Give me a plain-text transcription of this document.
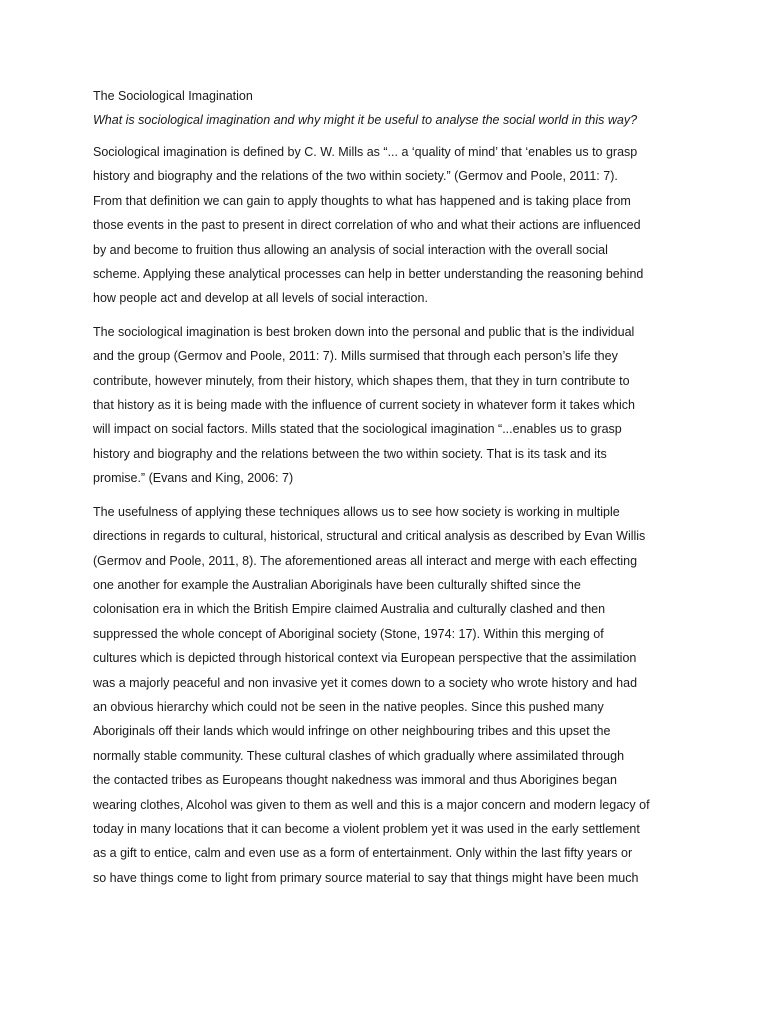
The Sociological Imagination
What is sociological imagination and why might it be useful to analyse the social world in this way?
Sociological imagination is defined by C. W. Mills as “... a ‘quality of mind’ that ‘enables us to grasp
history and biography and the relations of the two within society.” (Germov and Poole, 2011: 7).
From that definition we can gain to apply thoughts to what has happened and is taking place from
those events in the past to present in direct correlation of who and what their actions are influenced
by and become to fruition thus allowing an analysis of social interaction with the overall social
scheme. Applying these analytical processes can help in better understanding the reasoning behind
how people act and develop at all levels of social interaction.
The sociological imagination is best broken down into the personal and public that is the individual
and the group (Germov and Poole, 2011: 7). Mills surmised that through each person’s life they
contribute, however minutely, from their history, which shapes them, that they in turn contribute to
that history as it is being made with the influence of current society in whatever form it takes which
will impact on social factors. Mills stated that the sociological imagination “...enables us to grasp
history and biography and the relations between the two within society. That is its task and its
promise.” (Evans and King, 2006: 7)
The usefulness of applying these techniques allows us to see how society is working in multiple
directions in regards to cultural, historical, structural and critical analysis as described by Evan Willis
(Germov and Poole, 2011, 8). The aforementioned areas all interact and merge with each effecting
one another for example the Australian Aboriginals have been culturally shifted since the
colonisation era in which the British Empire claimed Australia and culturally clashed and then
suppressed the whole concept of Aboriginal society (Stone, 1974: 17). Within this merging of
cultures which is depicted through historical context via European perspective that the assimilation
was a majorly peaceful and non invasive yet it comes down to a society who wrote history and had
an obvious hierarchy which could not be seen in the native peoples. Since this pushed many
Aboriginals off their lands which would infringe on other neighbouring tribes and this upset the
normally stable community. These cultural clashes of which gradually where assimilated through
the contacted tribes as Europeans thought nakedness was immoral and thus Aborigines began
wearing clothes, Alcohol was given to them as well and this is a major concern and modern legacy of
today in many locations that it can become a violent problem yet it was used in the early settlement
as a gift to entice, calm and even use as a form of entertainment. Only within the last fifty years or
so have things come to light from primary source material to say that things might have been much
